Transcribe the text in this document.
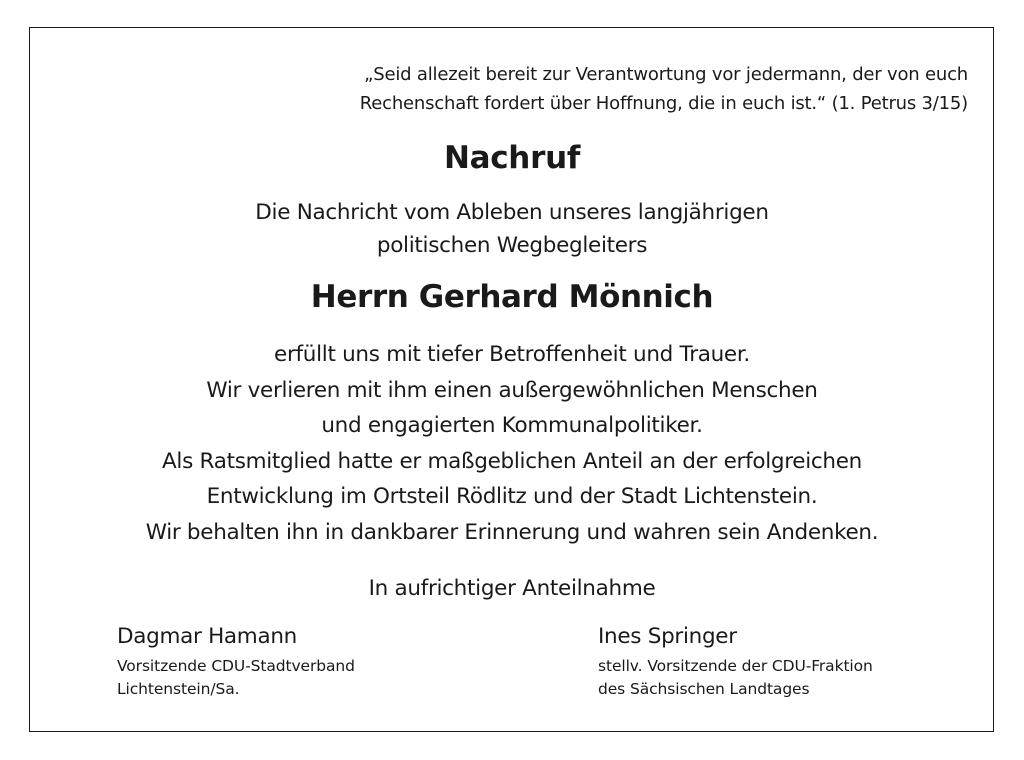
„Seid allezeit bereit zur Verantwortung vor jedermann, der von euch
Rechenschaft fordert über Hoffnung, die in euch ist.“ (1. Petrus 3/15)
Nachruf
Die Nachricht vom Ableben unseres langjährigen
politischen Wegbegleiters
Herrn Gerhard Mönnich
erfüllt uns mit tiefer Betroffenheit und Trauer.
Wir verlieren mit ihm einen außergewöhnlichen Menschen
und engagierten Kommunalpolitiker.
Als Ratsmitglied hatte er maßgeblichen Anteil an der erfolgreichen
Entwicklung im Ortsteil Rödlitz und der Stadt Lichtenstein.
Wir behalten ihn in dankbarer Erinnerung und wahren sein Andenken.
In aufrichtiger Anteilnahme
Dagmar Hamann
Vorsitzende CDU-Stadtverband
Lichtenstein/Sa.
Ines Springer
stellv. Vorsitzende der CDU-Fraktion
des Sächsischen Landtages
